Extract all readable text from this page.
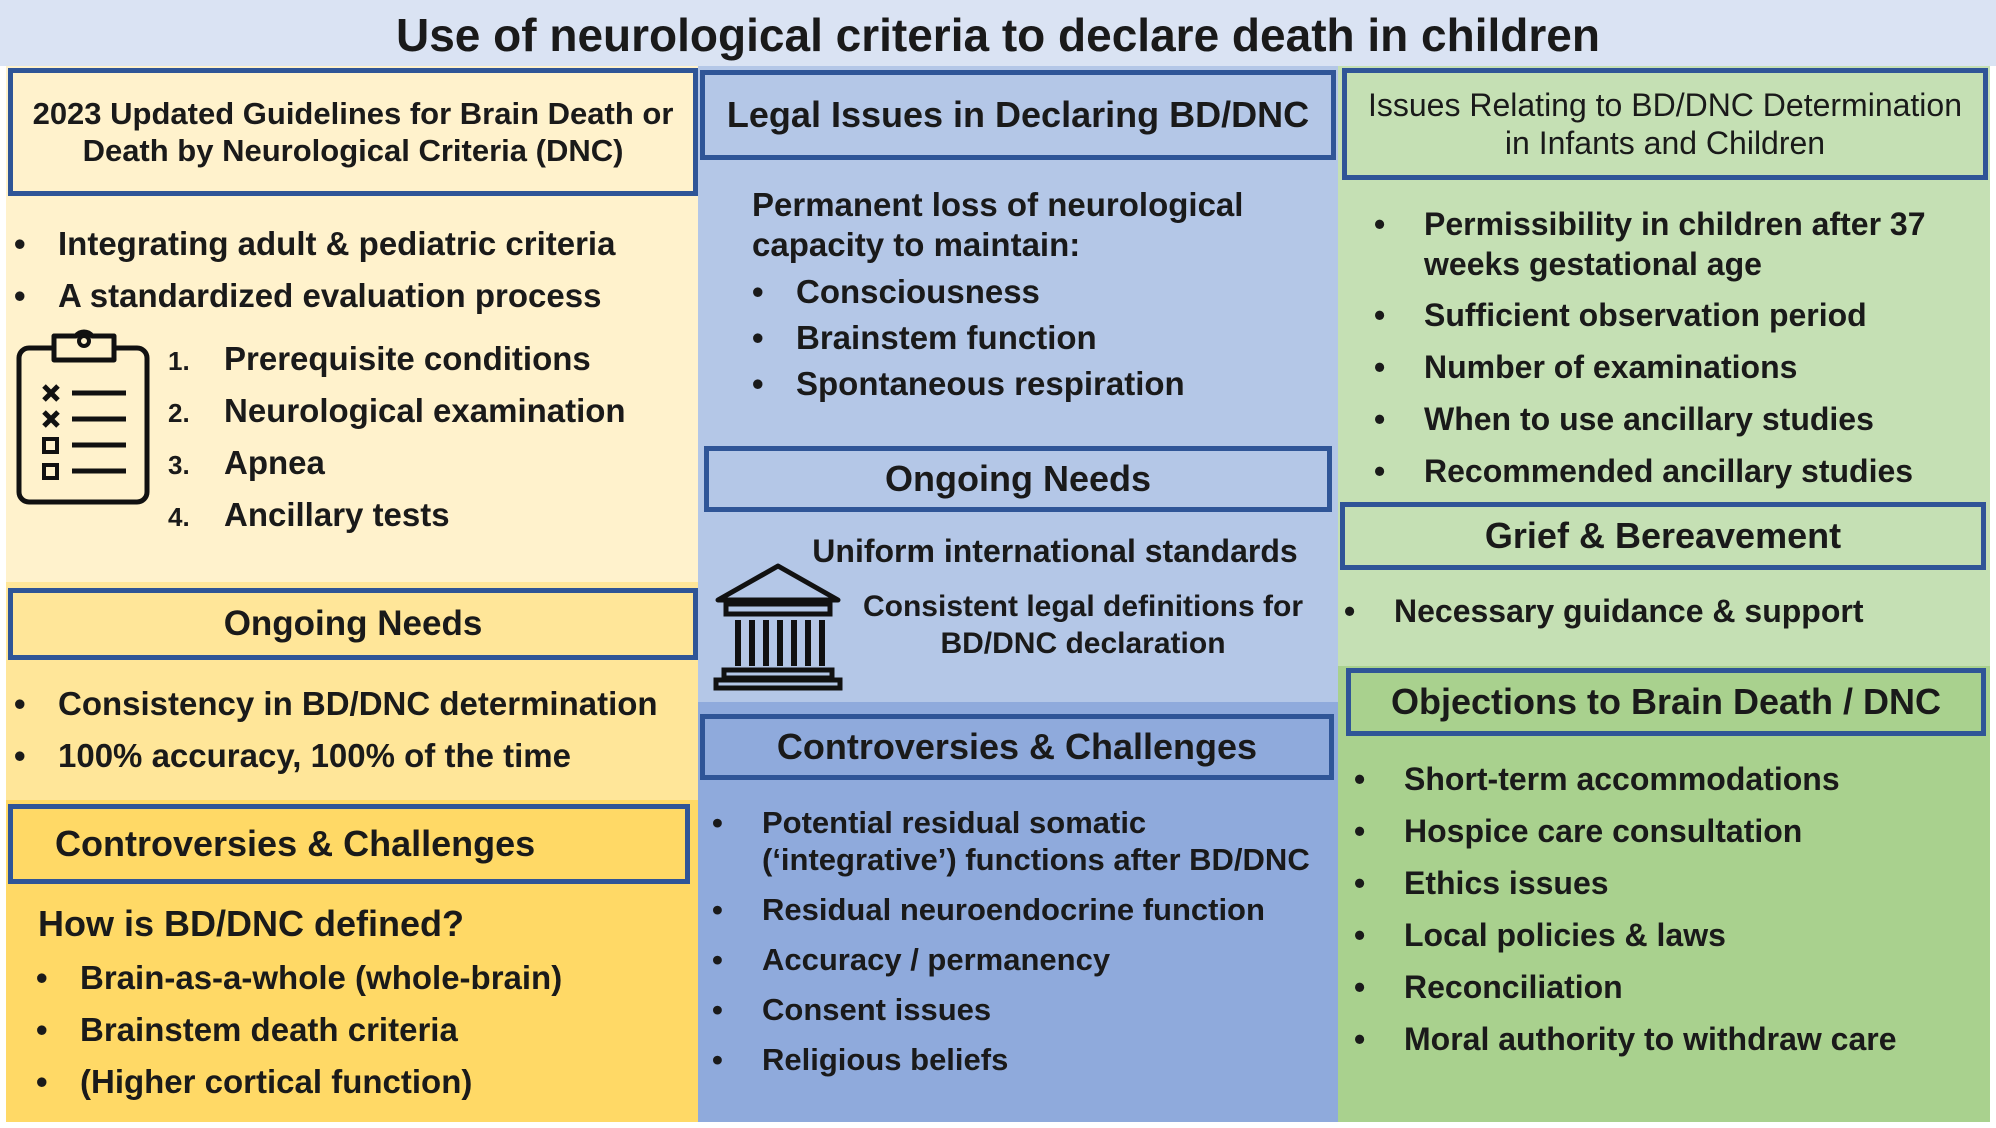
Use of neurological criteria to declare death in children
2023 Updated Guidelines for Brain Death or Death by Neurological Criteria (DNC)
• Integrating adult & pediatric criteria
• A standardized evaluation process
1.	Prerequisite conditions
2.	Neurological examination
3.	Apnea
4.	Ancillary tests
Ongoing Needs
• Consistency in BD/DNC determination
• 100% accuracy, 100% of the time
Controversies & Challenges
How is BD/DNC defined?
• Brain-as-a-whole (whole-brain)
• Brainstem death criteria
• (Higher cortical function)
Legal Issues in Declaring BD/DNC
Permanent loss of neurological capacity to maintain:
• Consciousness
• Brainstem function
• Spontaneous respiration
Ongoing Needs
Uniform international standards
Consistent legal definitions for BD/DNC declaration
Controversies & Challenges
•	Potential residual somatic (‘integrative’) functions after BD/DNC
•	Residual neuroendocrine function
•	Accuracy / permanency
•	Consent issues
•	Religious beliefs
Issues Relating to BD/DNC Determination in Infants and Children
•	Permissibility in children after 37 weeks gestational age
•	Sufficient observation period
•	Number of examinations
•	When to use ancillary studies
•	Recommended ancillary studies
Grief & Bereavement
•	Necessary guidance & support
Objections to Brain Death / DNC
•	Short-term accommodations
•	Hospice care consultation
•	Ethics issues
•	Local policies & laws
•	Reconciliation
•	Moral authority to withdraw care
